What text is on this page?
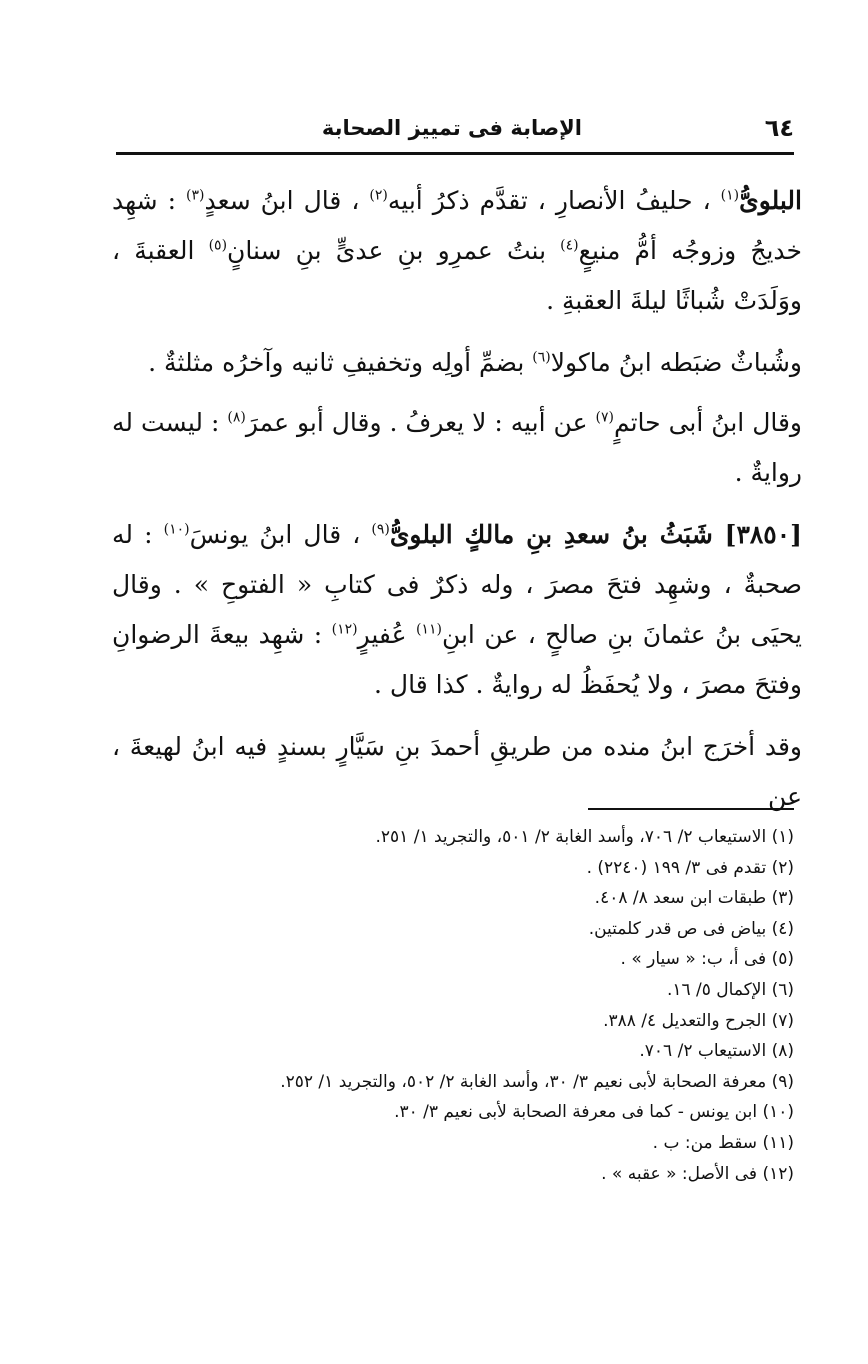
٦٤
الإصابة فى تمييز الصحابة

البلوىُّ$^{(١)}$ ، حليفُ الأنصارِ ، تقدَّم ذكرُ أبيه$^{(٢)}$ ، قال ابنُ سعدٍ$^{(٣)}$ : شهِد خديجُ وزوجُه أمُّ منيعٍ$^{(٤)}$ بنتُ عمرِو بنِ عدىٍّ بنِ سنانٍ$^{(٥)}$ العقبةَ ، ووَلَدَتْ شُباثًا ليلةَ العقبةِ .

وشُباثٌ ضبَطه ابنُ ماكولا$^{(٦)}$ بضمِّ أولِه وتخفيفِ ثانيه وآخرُه مثلثةٌ .

وقال ابنُ أبى حاتمٍ$^{(٧)}$ عن أبيه : لا يعرفُ . وقال أبو عمرَ$^{(٨)}$ : ليست له روايةٌ .

[٣٨٥٠] شَبَثُ بنُ سعدِ بنِ مالكٍ البلوىُّ$^{(٩)}$ ، قال ابنُ يونسَ$^{(١٠)}$ : له صحبةٌ ، وشهِد فتحَ مصرَ ، وله ذكرٌ فى كتابِ « الفتوحِ » . وقال يحيَى بنُ عثمانَ بنِ صالحٍ ، عن ابنِ$^{(١١)}$ عُفيرٍ$^{(١٢)}$ : شهِد بيعةَ الرضوانِ وفتحَ مصرَ ، ولا يُحفَظُ له روايةٌ . كذا قال .

وقد أخرَج ابنُ منده من طريقِ أحمدَ بنِ سَيَّارٍ بسندٍ فيه ابنُ لهيعةَ ، عن

(١) الاستيعاب ٢/ ٧٠٦، وأسد الغابة ٢/ ٥٠١، والتجريد ١/ ٢٥١.

(٢) تقدم فى ٣/ ١٩٩ (٢٢٤٠) .

(٣) طبقات ابن سعد ٨/ ٤٠٨.

(٤) بياض فى ص قدر كلمتين.

(٥) فى أ، ب: « سيار » .

(٦) الإكمال ٥/ ١٦.

(٧) الجرح والتعديل ٤/ ٣٨٨.

(٨) الاستيعاب ٢/ ٧٠٦.

(٩) معرفة الصحابة لأبى نعيم ٣/ ٣٠، وأسد الغابة ٢/ ٥٠٢، والتجريد ١/ ٢٥٢.

(١٠) ابن يونس - كما فى معرفة الصحابة لأبى نعيم ٣/ ٣٠.

(١١) سقط من: ب .

(١٢) فى الأصل: « عقبه » .
